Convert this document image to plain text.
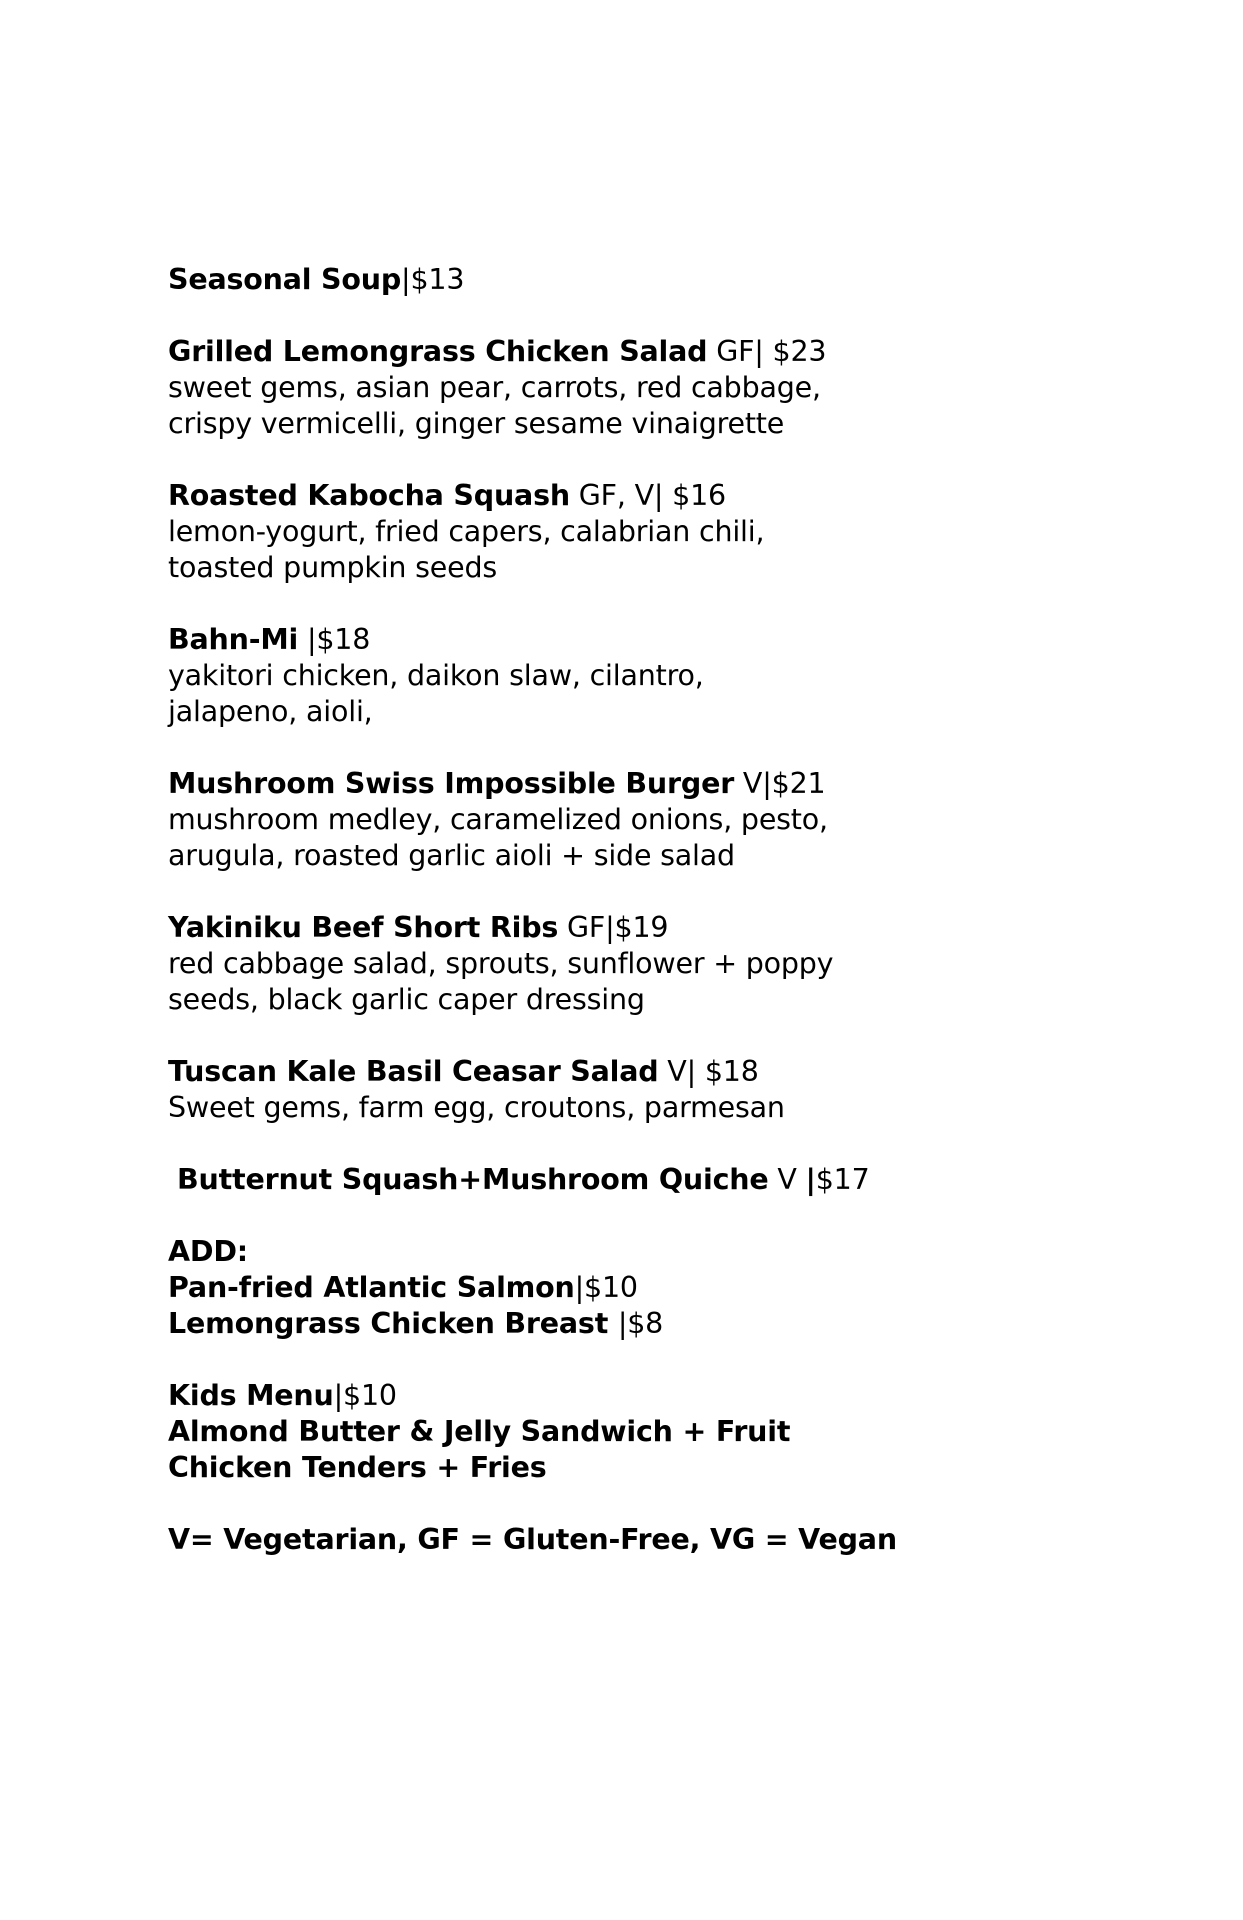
Seasonal Soup|$13
Grilled Lemongrass Chicken Salad GF| $23
sweet gems, asian pear, carrots, red cabbage,
crispy vermicelli, ginger sesame vinaigrette
Roasted Kabocha Squash GF, V| $16
lemon-yogurt, fried capers, calabrian chili,
toasted pumpkin seeds
Bahn-Mi |$18
yakitori chicken, daikon slaw, cilantro,
jalapeno, aioli,
Mushroom Swiss Impossible Burger V|$21
mushroom medley, caramelized onions, pesto,
arugula, roasted garlic aioli + side salad
Yakiniku Beef Short Ribs GF|$19
red cabbage salad, sprouts, sunflower + poppy
seeds, black garlic caper dressing
Tuscan Kale Basil Ceasar Salad V| $18
Sweet gems, farm egg, croutons, parmesan
Butternut Squash+Mushroom Quiche V |$17
ADD:
Pan-fried Atlantic Salmon|$10
Lemongrass Chicken Breast |$8
Kids Menu|$10
Almond Butter & Jelly Sandwich + Fruit
Chicken Tenders + Fries
V= Vegetarian, GF = Gluten-Free, VG = Vegan
